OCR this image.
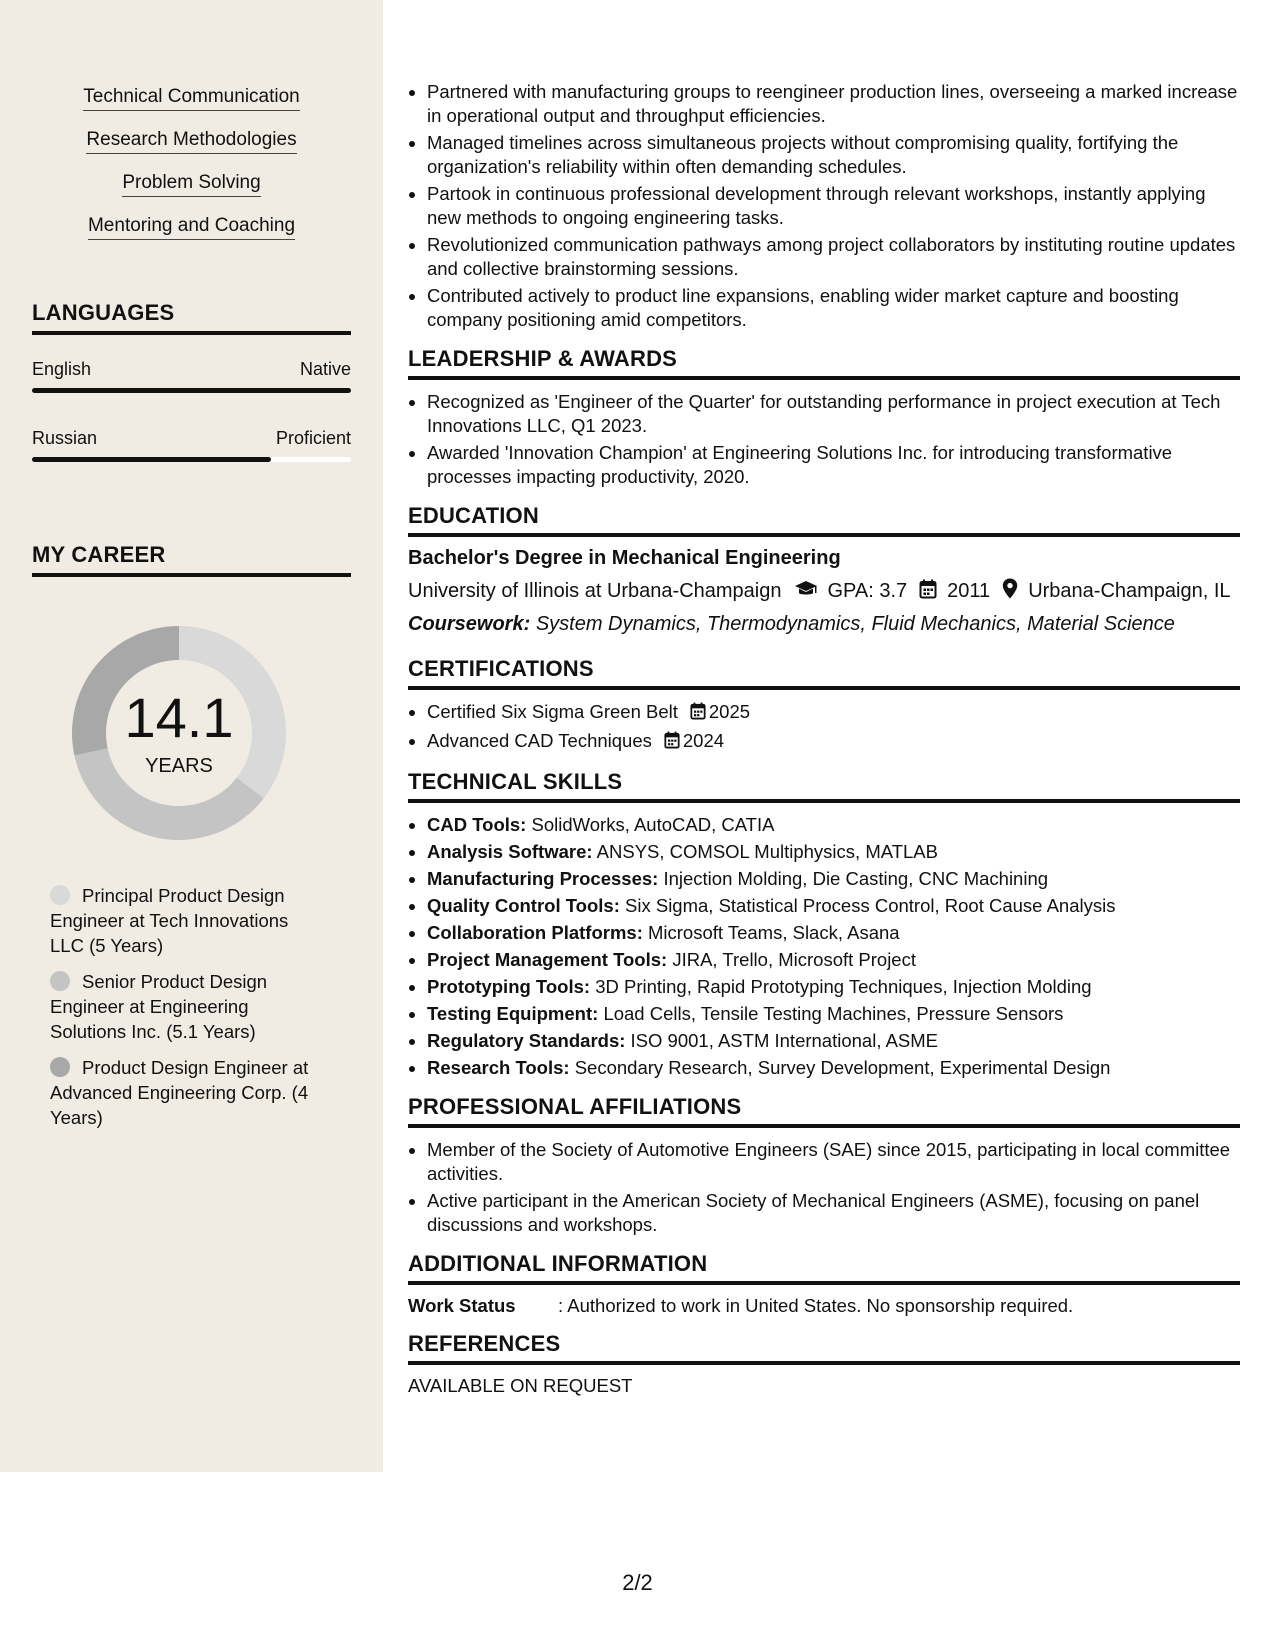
Technical Communication
Research Methodologies
Problem Solving
Mentoring and Coaching
LANGUAGES
English	Native
Russian	Proficient
MY CAREER
14.1
YEARS
Principal Product Design Engineer at Tech Innovations LLC (5 Years)
Senior Product Design Engineer at Engineering Solutions Inc. (5.1 Years)
Product Design Engineer at Advanced Engineering Corp. (4 Years)
• Partnered with manufacturing groups to reengineer production lines, overseeing a marked increase in operational output and throughput efficiencies.
• Managed timelines across simultaneous projects without compromising quality, fortifying the organization's reliability within often demanding schedules.
• Partook in continuous professional development through relevant workshops, instantly applying new methods to ongoing engineering tasks.
• Revolutionized communication pathways among project collaborators by instituting routine updates and collective brainstorming sessions.
• Contributed actively to product line expansions, enabling wider market capture and boosting company positioning amid competitors.
LEADERSHIP & AWARDS
• Recognized as 'Engineer of the Quarter' for outstanding performance in project execution at Tech Innovations LLC, Q1 2023.
• Awarded 'Innovation Champion' at Engineering Solutions Inc. for introducing transformative processes impacting productivity, 2020.
EDUCATION
Bachelor's Degree in Mechanical Engineering
University of Illinois at Urbana-Champaign GPA: 3.7 2011 Urbana-Champaign, IL
Coursework: System Dynamics, Thermodynamics, Fluid Mechanics, Material Science
CERTIFICATIONS
• Certified Six Sigma Green Belt 2025
• Advanced CAD Techniques 2024
TECHNICAL SKILLS
• CAD Tools: SolidWorks, AutoCAD, CATIA
• Analysis Software: ANSYS, COMSOL Multiphysics, MATLAB
• Manufacturing Processes: Injection Molding, Die Casting, CNC Machining
• Quality Control Tools: Six Sigma, Statistical Process Control, Root Cause Analysis
• Collaboration Platforms: Microsoft Teams, Slack, Asana
• Project Management Tools: JIRA, Trello, Microsoft Project
• Prototyping Tools: 3D Printing, Rapid Prototyping Techniques, Injection Molding
• Testing Equipment: Load Cells, Tensile Testing Machines, Pressure Sensors
• Regulatory Standards: ISO 9001, ASTM International, ASME
• Research Tools: Secondary Research, Survey Development, Experimental Design
PROFESSIONAL AFFILIATIONS
• Member of the Society of Automotive Engineers (SAE) since 2015, participating in local committee activities.
• Active participant in the American Society of Mechanical Engineers (ASME), focusing on panel discussions and workshops.
ADDITIONAL INFORMATION
Work Status	: Authorized to work in United States. No sponsorship required.
REFERENCES
AVAILABLE ON REQUEST
2/2
